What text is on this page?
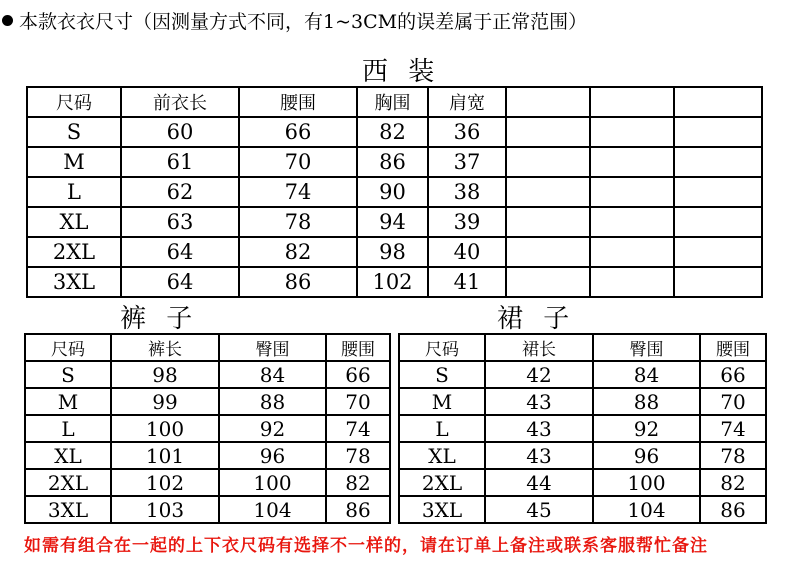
本款衣衣尺寸（因测量方式不同，有1~3CM的误差属于正常范围）
西 装
尺码	前衣长	腰围	胸围	肩宽			
S	60	66	82	36			
M	61	70	86	37			
L	62	74	90	38			
XL	63	78	94	39			
2XL	64	82	98	40			
3XL	64	86	102	41			
裤 子
尺码	裤长	臀围	腰围
S	98	84	66
M	99	88	70
L	100	92	74
XL	101	96	78
2XL	102	100	82
3XL	103	104	86
裙 子
尺码	裙长	臀围	腰围
S	42	84	66
M	43	88	70
L	43	92	74
XL	43	96	78
2XL	44	100	82
3XL	45	104	86
如需有组合在一起的上下衣尺码有选择不一样的，请在订单上备注或联系客服帮忙备注
